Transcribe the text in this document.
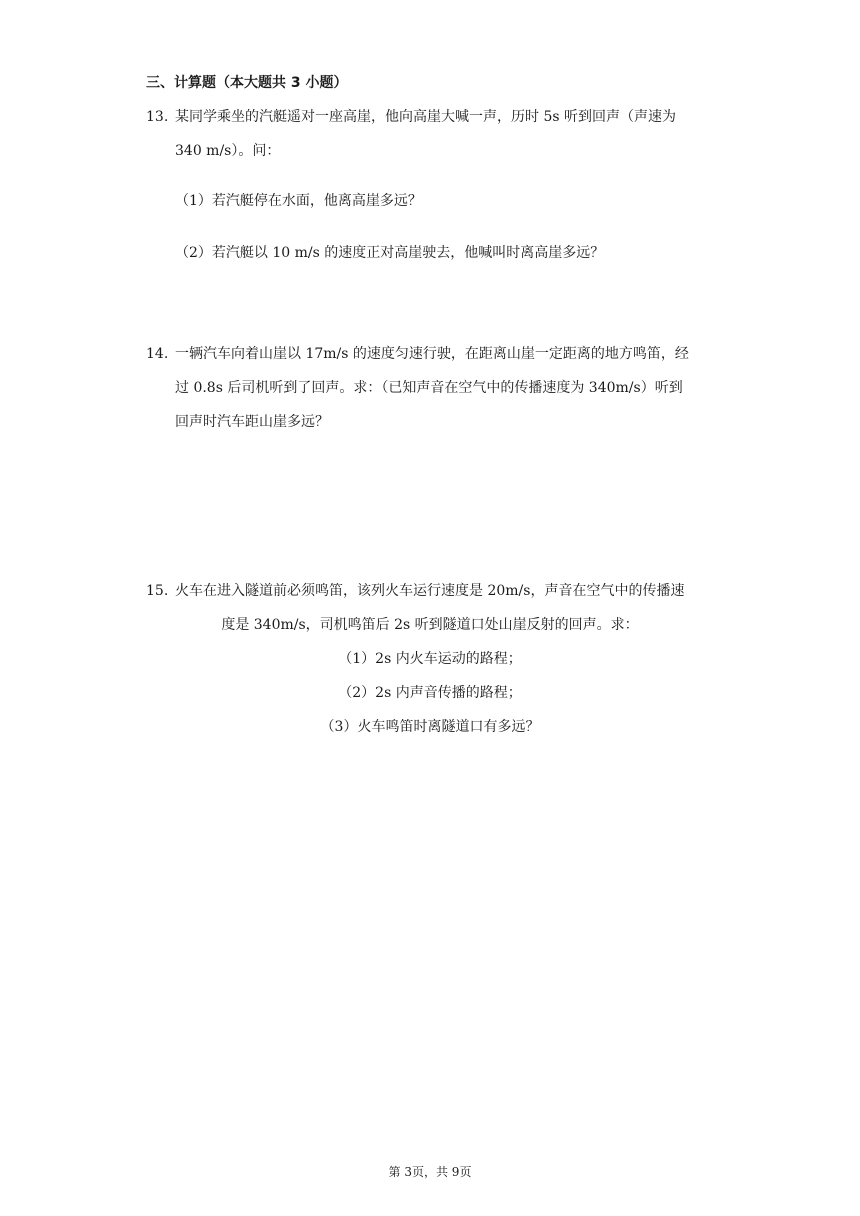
三、计算题（本大题共 3 小题）
13. 某同学乘坐的汽艇遥对一座高崖，他向高崖大喊一声，历时 5s 听到回声（声速为
340 m/s）。问：
（1）若汽艇停在水面，他离高崖多远？
（2）若汽艇以 10 m/s 的速度正对高崖驶去，他喊叫时离高崖多远？
14. 一辆汽车向着山崖以 17m/s 的速度匀速行驶，在距离山崖一定距离的地方鸣笛，经
过 0.8s 后司机听到了回声。求：（已知声音在空气中的传播速度为 340m/s）听到
回声时汽车距山崖多远？
15. 火车在进入隧道前必须鸣笛，该列火车运行速度是 20m/s，声音在空气中的传播速
度是 340m/s，司机鸣笛后 2s 听到隧道口处山崖反射的回声。求：
（1）2s 内火车运动的路程；
（2）2s 内声音传播的路程；
（3）火车鸣笛时离隧道口有多远？
第 3页，共 9页
